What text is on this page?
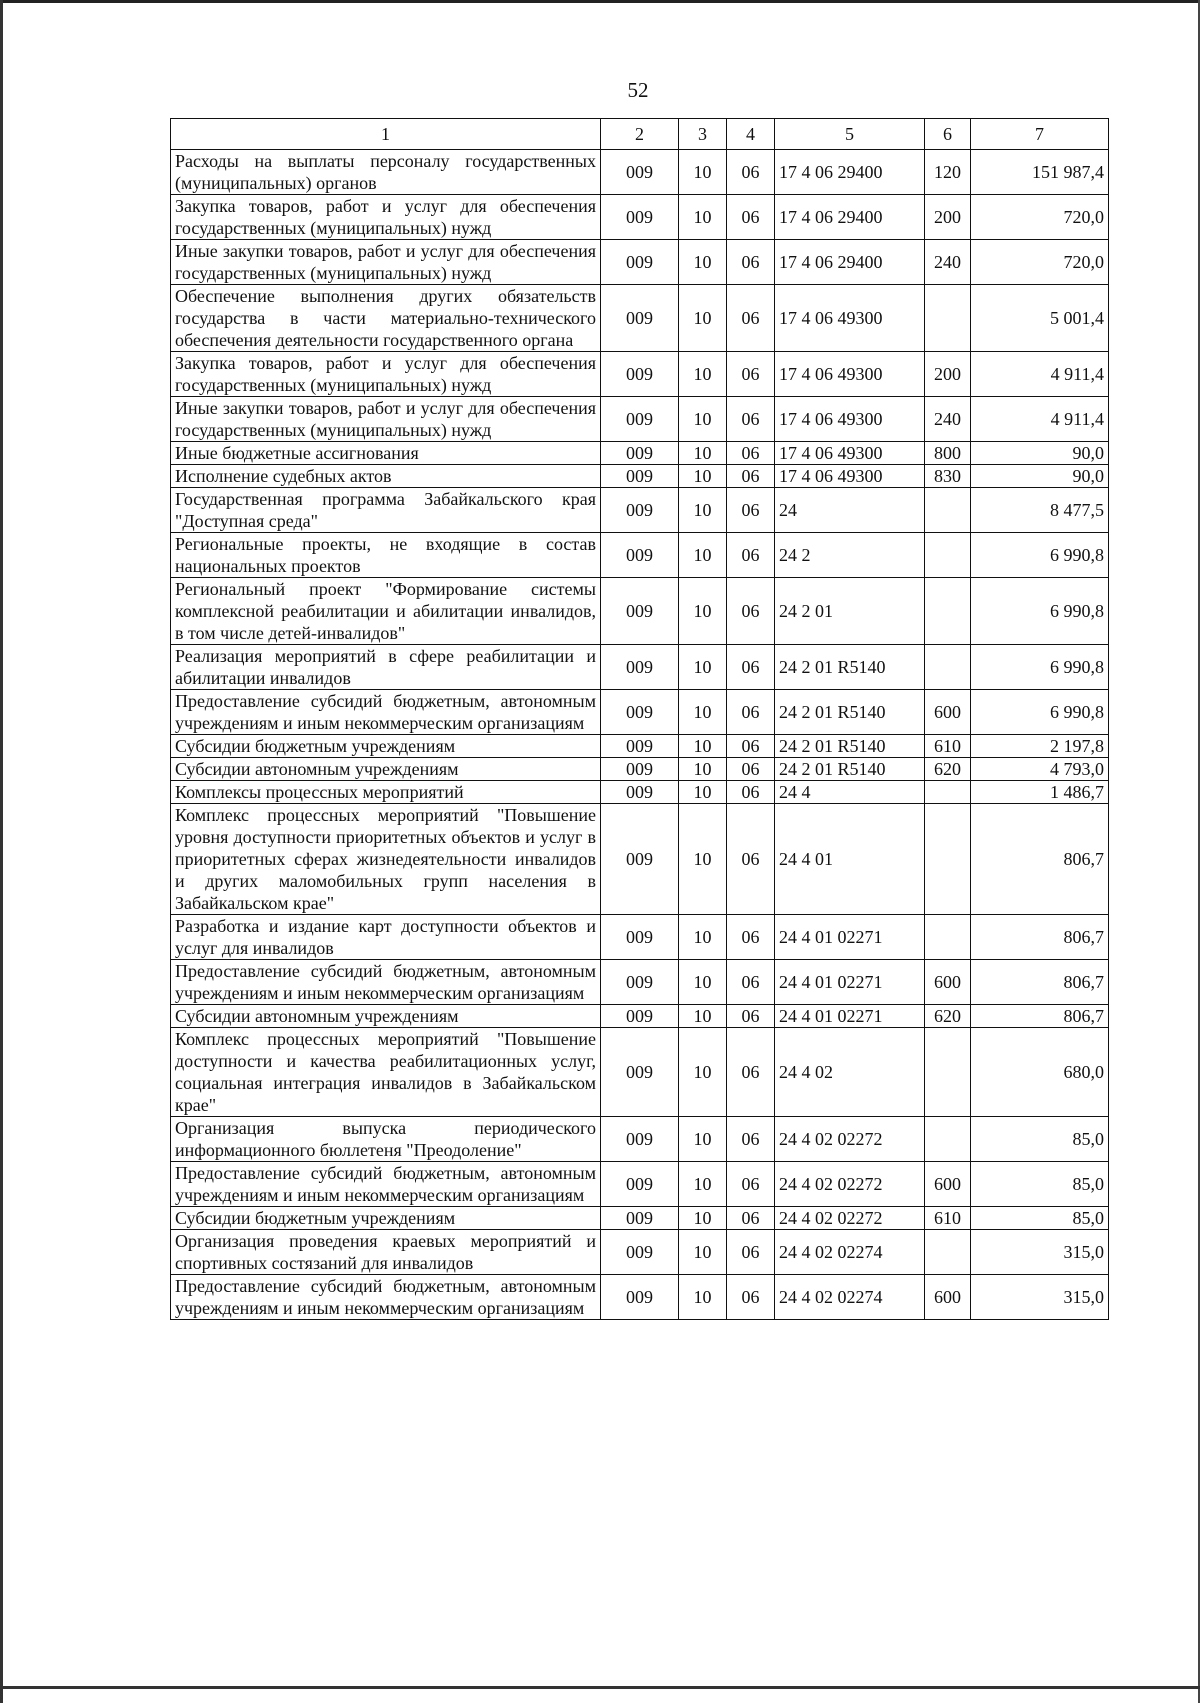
52
1	2	3	4	5	6	7
Расходы на выплаты персоналу государственных (муниципальных) органов	009	10	06	17 4 06 29400	120	151 987,4
Закупка товаров, работ и услуг для обеспечения государственных (муниципальных) нужд	009	10	06	17 4 06 29400	200	720,0
Иные закупки товаров, работ и услуг для обеспечения государственных (муниципальных) нужд	009	10	06	17 4 06 29400	240	720,0
Обеспечение выполнения других обязательств государства в части материально-технического обеспечения деятельности государственного органа	009	10	06	17 4 06 49300		5 001,4
Закупка товаров, работ и услуг для обеспечения государственных (муниципальных) нужд	009	10	06	17 4 06 49300	200	4 911,4
Иные закупки товаров, работ и услуг для обеспечения государственных (муниципальных) нужд	009	10	06	17 4 06 49300	240	4 911,4
Иные бюджетные ассигнования	009	10	06	17 4 06 49300	800	90,0
Исполнение судебных актов	009	10	06	17 4 06 49300	830	90,0
Государственная программа Забайкальского края "Доступная среда"	009	10	06	24		8 477,5
Региональные проекты, не входящие в состав национальных проектов	009	10	06	24 2		6 990,8
Региональный проект "Формирование системы комплексной реабилитации и абилитации инвалидов, в том числе детей-инвалидов"	009	10	06	24 2 01		6 990,8
Реализация мероприятий в сфере реабилитации и абилитации инвалидов	009	10	06	24 2 01 R5140		6 990,8
Предоставление субсидий бюджетным, автономным учреждениям и иным некоммерческим организациям	009	10	06	24 2 01 R5140	600	6 990,8
Субсидии бюджетным учреждениям	009	10	06	24 2 01 R5140	610	2 197,8
Субсидии автономным учреждениям	009	10	06	24 2 01 R5140	620	4 793,0
Комплексы процессных мероприятий	009	10	06	24 4		1 486,7
Комплекс процессных мероприятий "Повышение уровня доступности приоритетных объектов и услуг в приоритетных сферах жизнедеятельности инвалидов и других маломобильных групп населения в Забайкальском крае"	009	10	06	24 4 01		806,7
Разработка и издание карт доступности объектов и услуг для инвалидов	009	10	06	24 4 01 02271		806,7
Предоставление субсидий бюджетным, автономным учреждениям и иным некоммерческим организациям	009	10	06	24 4 01 02271	600	806,7
Субсидии автономным учреждениям	009	10	06	24 4 01 02271	620	806,7
Комплекс процессных мероприятий "Повышение доступности и качества реабилитационных услуг, социальная интеграция инвалидов в Забайкальском крае"	009	10	06	24 4 02		680,0
Организация выпуска периодического информационного бюллетеня "Преодоление"	009	10	06	24 4 02 02272		85,0
Предоставление субсидий бюджетным, автономным учреждениям и иным некоммерческим организациям	009	10	06	24 4 02 02272	600	85,0
Субсидии бюджетным учреждениям	009	10	06	24 4 02 02272	610	85,0
Организация проведения краевых мероприятий и спортивных состязаний для инвалидов	009	10	06	24 4 02 02274		315,0
Предоставление субсидий бюджетным, автономным учреждениям и иным некоммерческим организациям	009	10	06	24 4 02 02274	600	315,0
